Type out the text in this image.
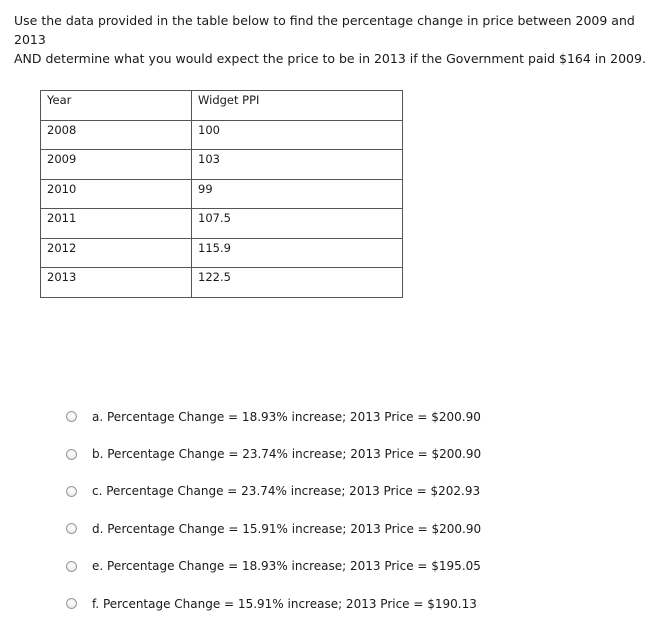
Use the data provided in the table below to find the percentage change in price between 2009 and 2013
AND determine what you would expect the price to be in 2013 if the Government paid $164 in 2009.

Year	Widget PPI
2008	100
2009	103
2010	99
2011	107.5
2012	115.9
2013	122.5
a. Percentage Change = 18.93% increase; 2013 Price = $200.90
b. Percentage Change = 23.74% increase; 2013 Price = $200.90
c. Percentage Change = 23.74% increase; 2013 Price = $202.93
d. Percentage Change = 15.91% increase; 2013 Price = $200.90
e. Percentage Change = 18.93% increase; 2013 Price = $195.05
f. Percentage Change = 15.91% increase; 2013 Price = $190.13
